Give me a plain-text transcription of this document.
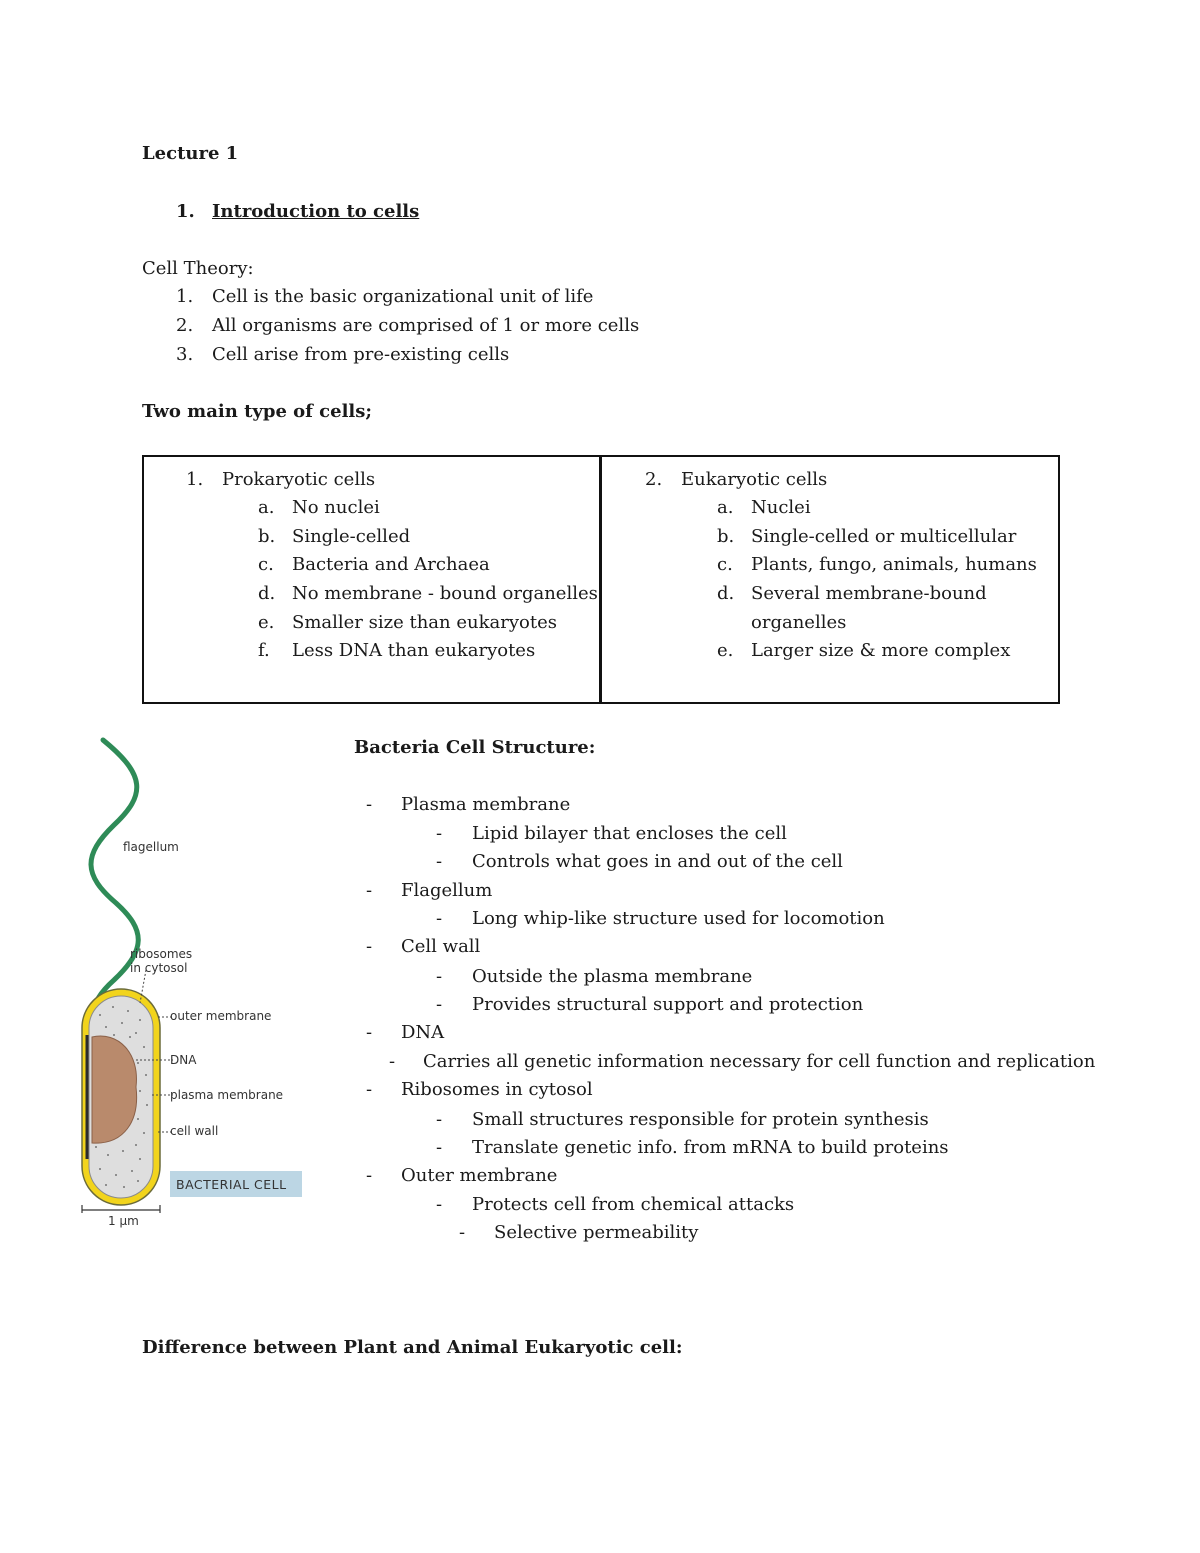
Lecture 1
1. Introduction to cells
Cell Theory:
1. Cell is the basic organizational unit of life
2. All organisms are comprised of 1 or more cells
3. Cell arise from pre-existing cells
Two main type of cells;
1. Prokaryotic cells
a. No nuclei
b. Single-celled
c. Bacteria and Archaea
d. No membrane - bound organelles
e. Smaller size than eukaryotes
f. Less DNA than eukaryotes
2. Eukaryotic cells
a. Nuclei
b. Single-celled or multicellular
c. Plants, fungo, animals, humans
d. Several membrane-bound
organelles
e. Larger size & more complex
flagellum
ribosomes
in cytosol
outer membrane
DNA
plasma membrane
cell wall
BACTERIAL CELL
1 µm
Bacteria Cell Structure:
- Plasma membrane
- Lipid bilayer that encloses the cell
- Controls what goes in and out of the cell
- Flagellum
- Long whip-like structure used for locomotion
- Cell wall
- Outside the plasma membrane
- Provides structural support and protection
- DNA
- Carries all genetic information necessary for cell function and replication
- Ribosomes in cytosol
- Small structures responsible for protein synthesis
- Translate genetic info. from mRNA to build proteins
- Outer membrane
- Protects cell from chemical attacks
- Selective permeability
Difference between Plant and Animal Eukaryotic cell:
